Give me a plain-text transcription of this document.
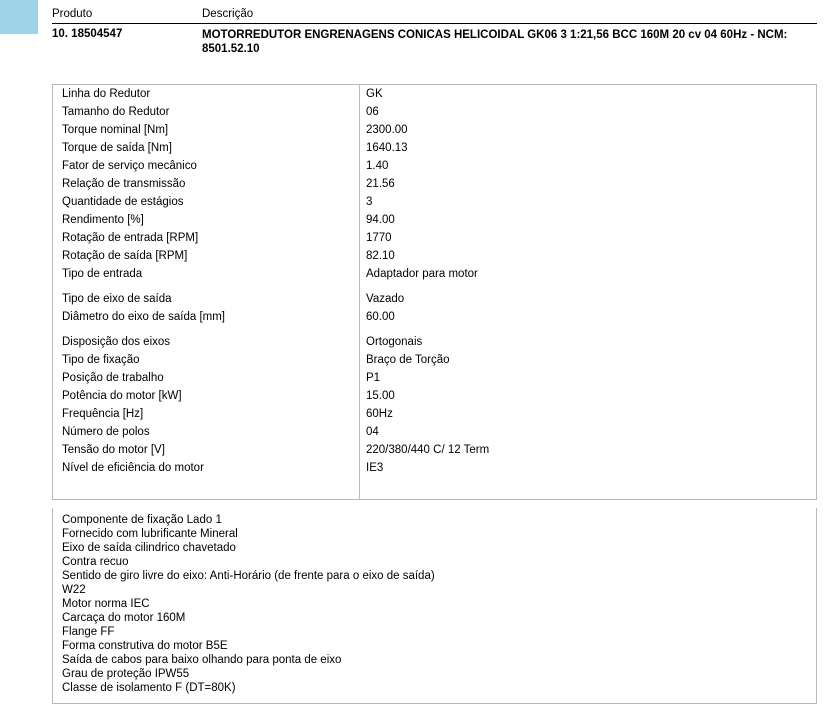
Produto	Descrição
10. 18504547	MOTORREDUTOR ENGRENAGENS CONICAS HELICOIDAL GK06 3 1:21,56 BCC 160M 20 cv 04 60Hz - NCM: 8501.52.10
Linha do Redutor	GK
Tamanho do Redutor	06
Torque nominal [Nm]	2300.00
Torque de saída [Nm]	1640.13
Fator de serviço mecânico	1.40
Relação de transmissão	21.56
Quantidade de estágios	3
Rendimento [%]	94.00
Rotação de entrada [RPM]	1770
Rotação de saída [RPM]	82.10
Tipo de entrada	Adaptador para motor
Tipo de eixo de saída	Vazado
Diâmetro do eixo de saída [mm]	60.00
Disposição dos eixos	Ortogonais
Tipo de fixação	Braço de Torção
Posição de trabalho	P1
Potência do motor [kW]	15.00
Frequência [Hz]	60Hz
Número de polos	04
Tensão do motor [V]	220/380/440 C/ 12 Term
Nível de eficiência do motor	IE3
Componente de fixação Lado 1
Fornecido com lubrificante Mineral
Eixo de saída cilindrico chavetado
Contra recuo
Sentido de giro livre do eixo: Anti-Horário (de frente para o eixo de saída)
W22
Motor norma IEC
Carcaça do motor 160M
Flange FF
Forma construtiva do motor B5E
Saída de cabos para baixo olhando para ponta de eixo
Grau de proteção IPW55
Classe de isolamento F (DT=80K)
